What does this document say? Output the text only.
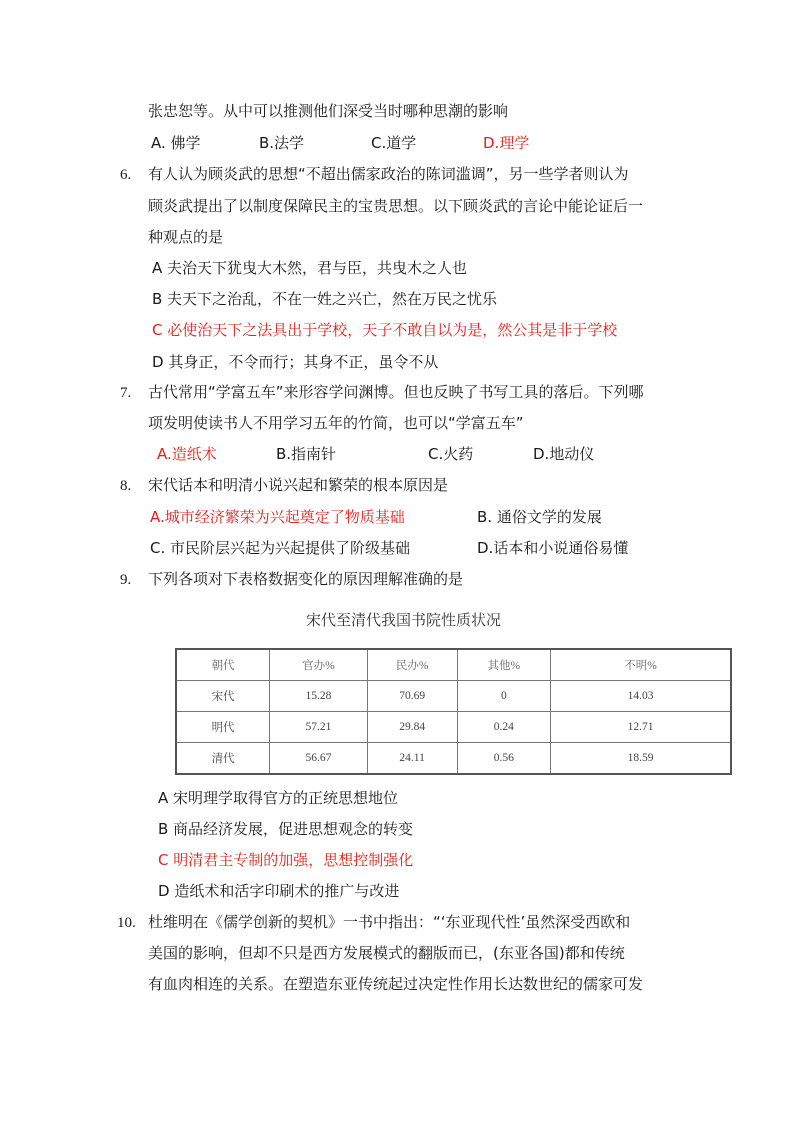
张忠恕等。从中可以推测他们深受当时哪种思潮的影响
A. 佛学	B.法学	C.道学	D.理学
6. 有人认为顾炎武的思想“不超出儒家政治的陈词滥调”，另一些学者则认为
顾炎武提出了以制度保障民主的宝贵思想。以下顾炎武的言论中能论证后一
种观点的是
A 夫治天下犹曳大木然，君与臣，共曳木之人也
B 夫天下之治乱，不在一姓之兴亡，然在万民之忧乐
C 必使治天下之法具出于学校，天子不敢自以为是，然公其是非于学校
D 其身正，不令而行；其身不正，虽令不从
7. 古代常用“学富五车”来形容学问渊博。但也反映了书写工具的落后。下列哪
项发明使读书人不用学习五年的竹简，也可以“学富五车”
A.造纸术	B.指南针	C.火药	D.地动仪
8. 宋代话本和明清小说兴起和繁荣的根本原因是
A.城市经济繁荣为兴起奠定了物质基础	B. 通俗文学的发展
C. 市民阶层兴起为兴起提供了阶级基础	D.话本和小说通俗易懂
9. 下列各项对下表格数据变化的原因理解准确的是
宋代至清代我国书院性质状况
朝代	官办%	民办%	其他%	不明%
宋代	15.28	70.69	0	14.03
明代	57.21	29.84	0.24	12.71
清代	56.67	24.11	0.56	18.59
A 宋明理学取得官方的正统思想地位
B 商品经济发展，促进思想观念的转变
C 明清君主专制的加强，思想控制强化
D 造纸术和活字印刷术的推广与改进
10. 杜维明在《儒学创新的契机》一书中指出：“‘东亚现代性’虽然深受西欧和
美国的影响，但却不只是西方发展模式的翻版而已，(东亚各国)都和传统
有血肉相连的关系。在塑造东亚传统起过决定性作用长达数世纪的儒家可发
